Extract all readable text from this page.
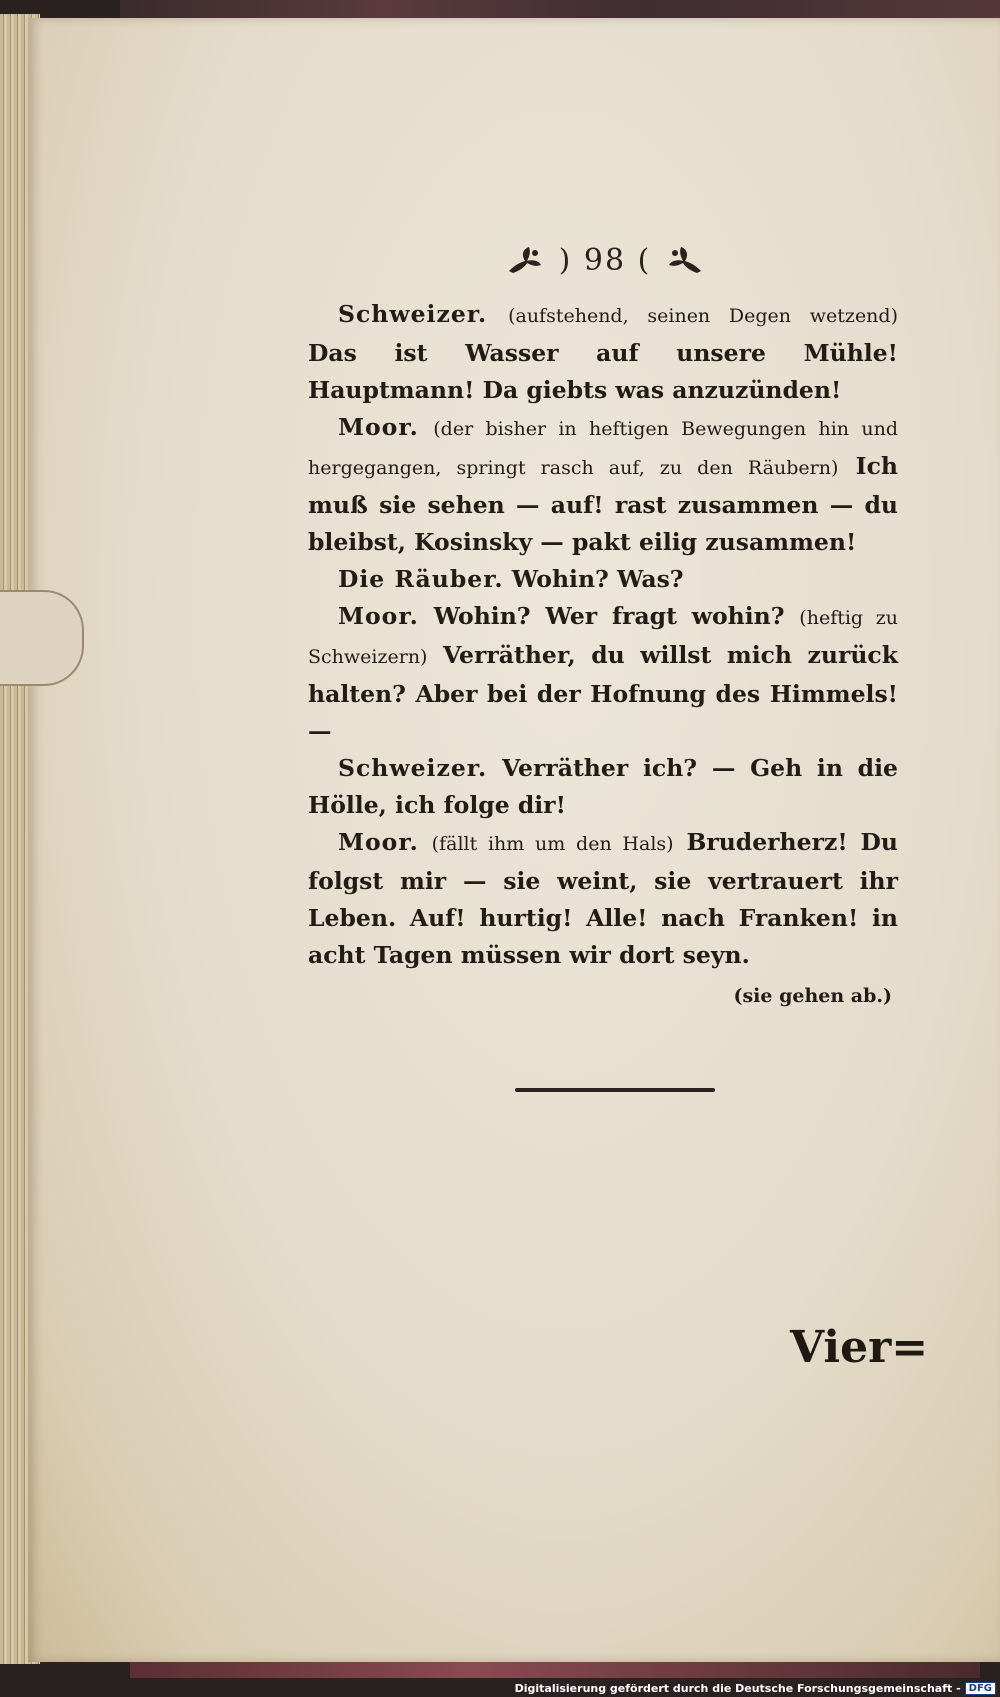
) 98 (

Schweizer. (aufstehend, seinen Degen wetzend) Das ist Wasser auf unsere Mühle! Hauptmann! Da giebts was anzuzünden!

Moor. (der bisher in heftigen Bewegungen hin und hergegangen, springt rasch auf, zu den Räubern) Ich muß sie sehen — auf! rast zusammen — du bleibst, Kosinsky — pakt eilig zusammen!

Die Räuber. Wohin? Was?

Moor. Wohin? Wer fragt wohin? (heftig zu Schweizern) Verräther, du willst mich zurück halten? Aber bei der Hofnung des Himmels! —

Schweizer. Verräther ich? — Geh in die Hölle, ich folge dir!

Moor. (fällt ihm um den Hals) Bruderherz! Du folgst mir — sie weint, sie vertrauert ihr Leben. Auf! hurtig! Alle! nach Franken! in acht Tagen müssen wir dort seyn.

(sie gehen ab.)
Vier=
Digitalisierung gefördert durch die Deutsche Forschungsgemeinschaft - DFG
